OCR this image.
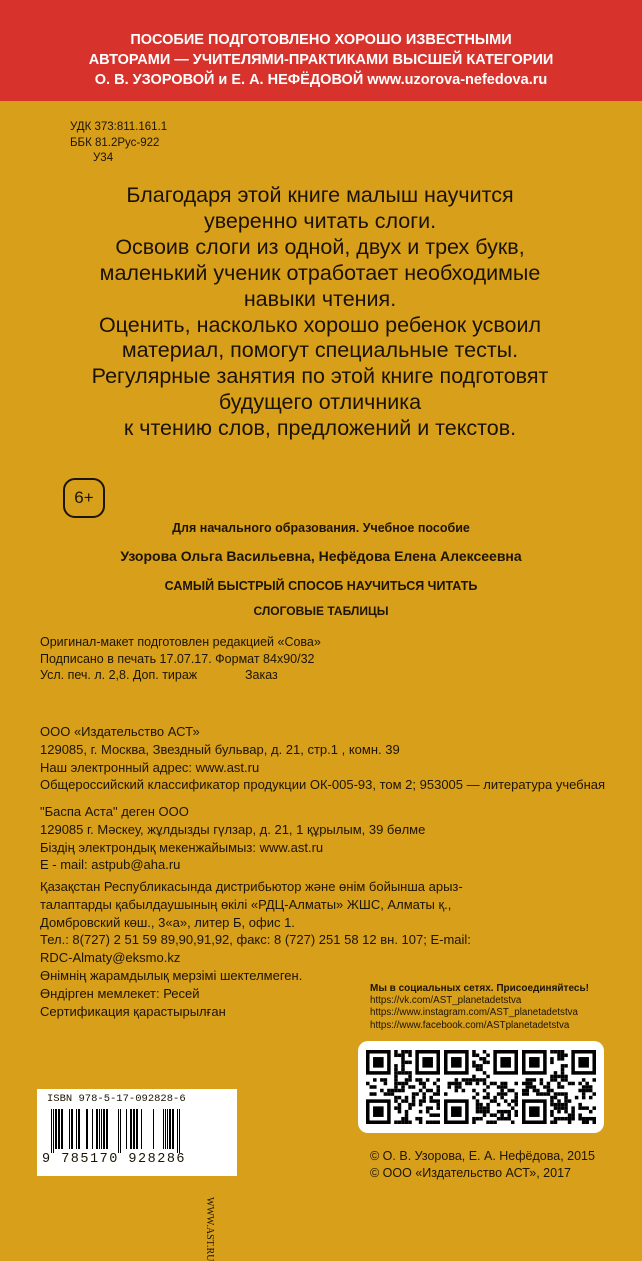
ПОСОБИЕ ПОДГОТОВЛЕНО ХОРОШО ИЗВЕСТНЫМИ
АВТОРАМИ — УЧИТЕЛЯМИ-ПРАКТИКАМИ ВЫСШЕЙ КАТЕГОРИИ
О. В. УЗОРОВОЙ и Е. А. НЕФЁДОВОЙ www.uzorova-nefedova.ru
УДК 373:811.161.1
ББК 81.2Рус-922
У34
Благодаря этой книге малыш научится
уверенно читать слоги.
Освоив слоги из одной, двух и трех букв,
маленький ученик отработает необходимые
навыки чтения.
Оценить, насколько хорошо ребенок усвоил
материал, помогут специальные тесты.
Регулярные занятия по этой книге подготовят
будущего отличника
к чтению слов, предложений и текстов.
6+
Для начального образования. Учебное пособие
Узорова Ольга Васильевна, Нефёдова Елена Алексеевна
САМЫЙ БЫСТРЫЙ СПОСОБ НАУЧИТЬСЯ ЧИТАТЬ
СЛОГОВЫЕ ТАБЛИЦЫ
Оригинал-макет подготовлен редакцией «Сова»
Подписано в печать 17.07.17. Формат 84х90/32
Усл. печ. л. 2,8. Доп. тираж	Заказ
ООО «Издательство АСТ»
129085, г. Москва, Звездный бульвар, д. 21, стр.1 , комн. 39
Наш электронный адрес: www.ast.ru
Общероссийский классификатор продукции ОК-005-93, том 2; 953005 — литература учебная
"Баспа Аста" деген ООО
129085 г. Мәскеу, жұлдызды гүлзар, д. 21, 1 құрылым, 39 бөлме
Біздің электрондық мекенжайымыз: www.ast.ru
E - mail: astpub@aha.ru
Қазақстан Республикасында дистрибьютор және өнім бойынша арыз-
талаптарды қабылдаушының өкілі «РДЦ-Алматы» ЖШС, Алматы қ.,
Домбровский көш., 3«а», литер Б, офис 1.
Тел.: 8(727) 2 51 59 89,90,91,92, факс: 8 (727) 251 58 12 вн. 107; E-mail:
RDC-Almaty@eksmo.kz
Өнімнің жарамдылық мерзімі шектелмеген.
Өндірген мемлекет: Ресей
Сертификация қарастырылған
Мы в социальных сетях. Присоединяйтесь!
https://vk.com/AST_planetadetstva
https://www.instagram.com/AST_planetadetstva
https://www.facebook.com/ASTplanetadetstva
ISBN 978-5-17-092828-6
9 785170 928286
WWW.AST.RU
© О. В. Узорова, Е. А. Нефёдова, 2015
© ООО «Издательство АСТ», 2017
